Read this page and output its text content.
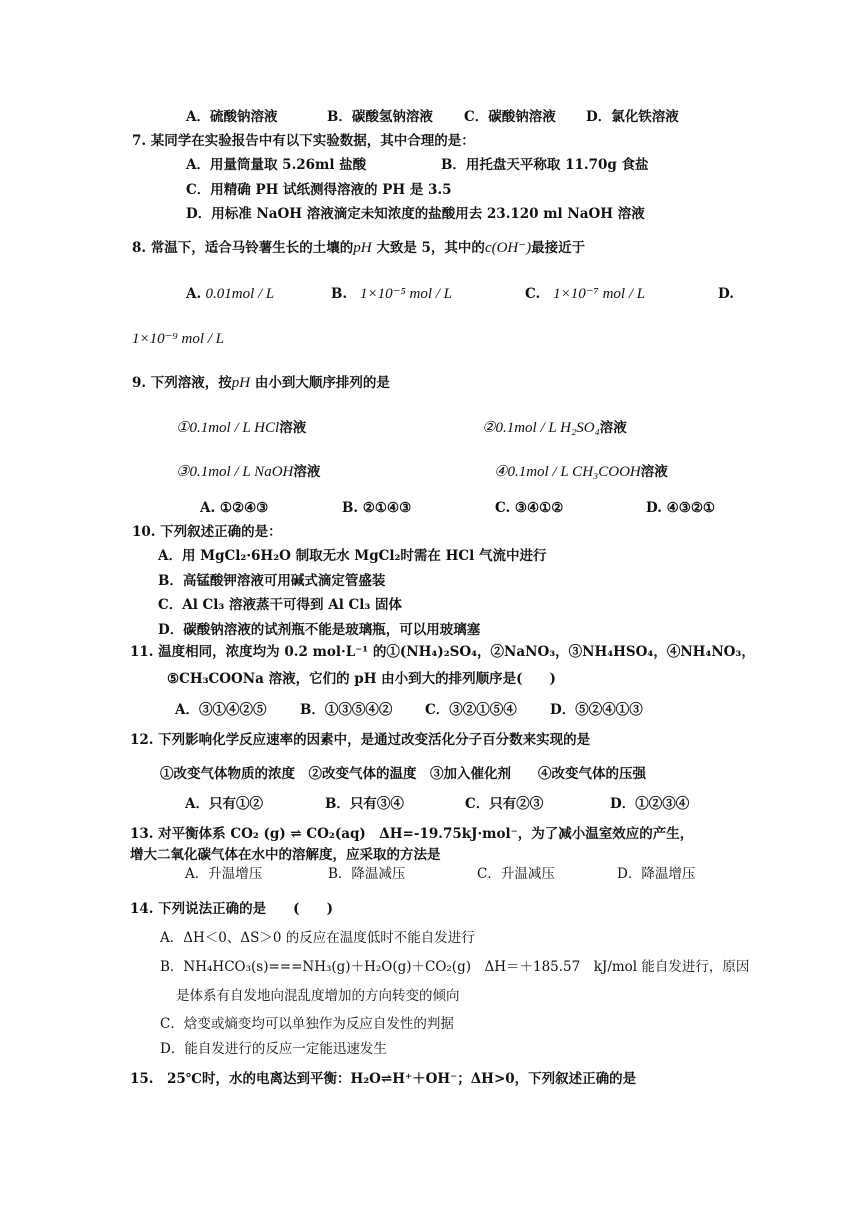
A．硫酸钠溶液	B．碳酸氢钠溶液 C．碳酸钠溶液 D．氯化铁溶液
7. 某同学在实验报告中有以下实验数据，其中合理的是：
A．用量筒量取 5.26ml 盐酸	B．用托盘天平称取 11.70g 食盐
C．用精确 PH 试纸测得溶液的 PH 是 3.5
D．用标准 NaOH 溶液滴定未知浓度的盐酸用去 23.120 ml NaOH 溶液
8. 常温下，适合马铃薯生长的土壤的pH 大致是 5，其中的c(OH⁻)最接近于
A. 0.01mol / L	B. 1×10⁻⁵ mol / L	C. 1×10⁻⁷ mol / L	D.
1×10⁻⁹ mol / L
9. 下列溶液，按pH 由小到大顺序排列的是
①0.1mol / L HCl溶液	②0.1mol / L H₂SO₄溶液
③0.1mol / L NaOH溶液	④0.1mol / L CH₃COOH溶液
A. ①②④③	B. ②①④③	C. ③④①②	D. ④③②①
10. 下列叙述正确的是：
A．用 MgCl₂·6H₂O 制取无水 MgCl₂时需在 HCl 气流中进行
B．高锰酸钾溶液可用碱式滴定管盛装
C．Al Cl₃ 溶液蒸干可得到 Al Cl₃ 固体
D．碳酸钠溶液的试剂瓶不能是玻璃瓶，可以用玻璃塞
11. 温度相同，浓度均为 0.2 mol·L⁻¹ 的①(NH₄)₂SO₄，②NaNO₃，③NH₄HSO₄，④NH₄NO₃，
⑤CH₃COONa 溶液，它们的 pH 由小到大的排列顺序是(　　)
A．③①④②⑤ B．①③⑤④② C．③②①⑤④ D．⑤②④①③
12. 下列影响化学反应速率的因素中，是通过改变活化分子百分数来实现的是
①改变气体物质的浓度　②改变气体的温度　③加入催化剂　　④改变气体的压强
A．只有①②	B．只有③④	C．只有②③	D．①②③④
13. 对平衡体系 CO₂ (g) ⇌ CO₂(aq)　ΔH=-19.75kJ·mol⁻，为了减小温室效应的产生，
增大二氧化碳气体在水中的溶解度，应采取的方法是
A．升温增压	B．降温减压	C．升温减压	D．降温增压
14. 下列说法正确的是　　(　　)
A．ΔH＜0、ΔS＞0 的反应在温度低时不能自发进行
B．NH₄HCO₃(s)===NH₃(g)＋H₂O(g)＋CO₂(g)　ΔH＝＋185.57　kJ/mol 能自发进行，原因
是体系有自发地向混乱度增加的方向转变的倾向
C．焓变或熵变均可以单独作为反应自发性的判据
D．能自发进行的反应一定能迅速发生
15.　25℃时，水的电离达到平衡：H₂O⇌H⁺＋OH⁻；ΔH>0，下列叙述正确的是
